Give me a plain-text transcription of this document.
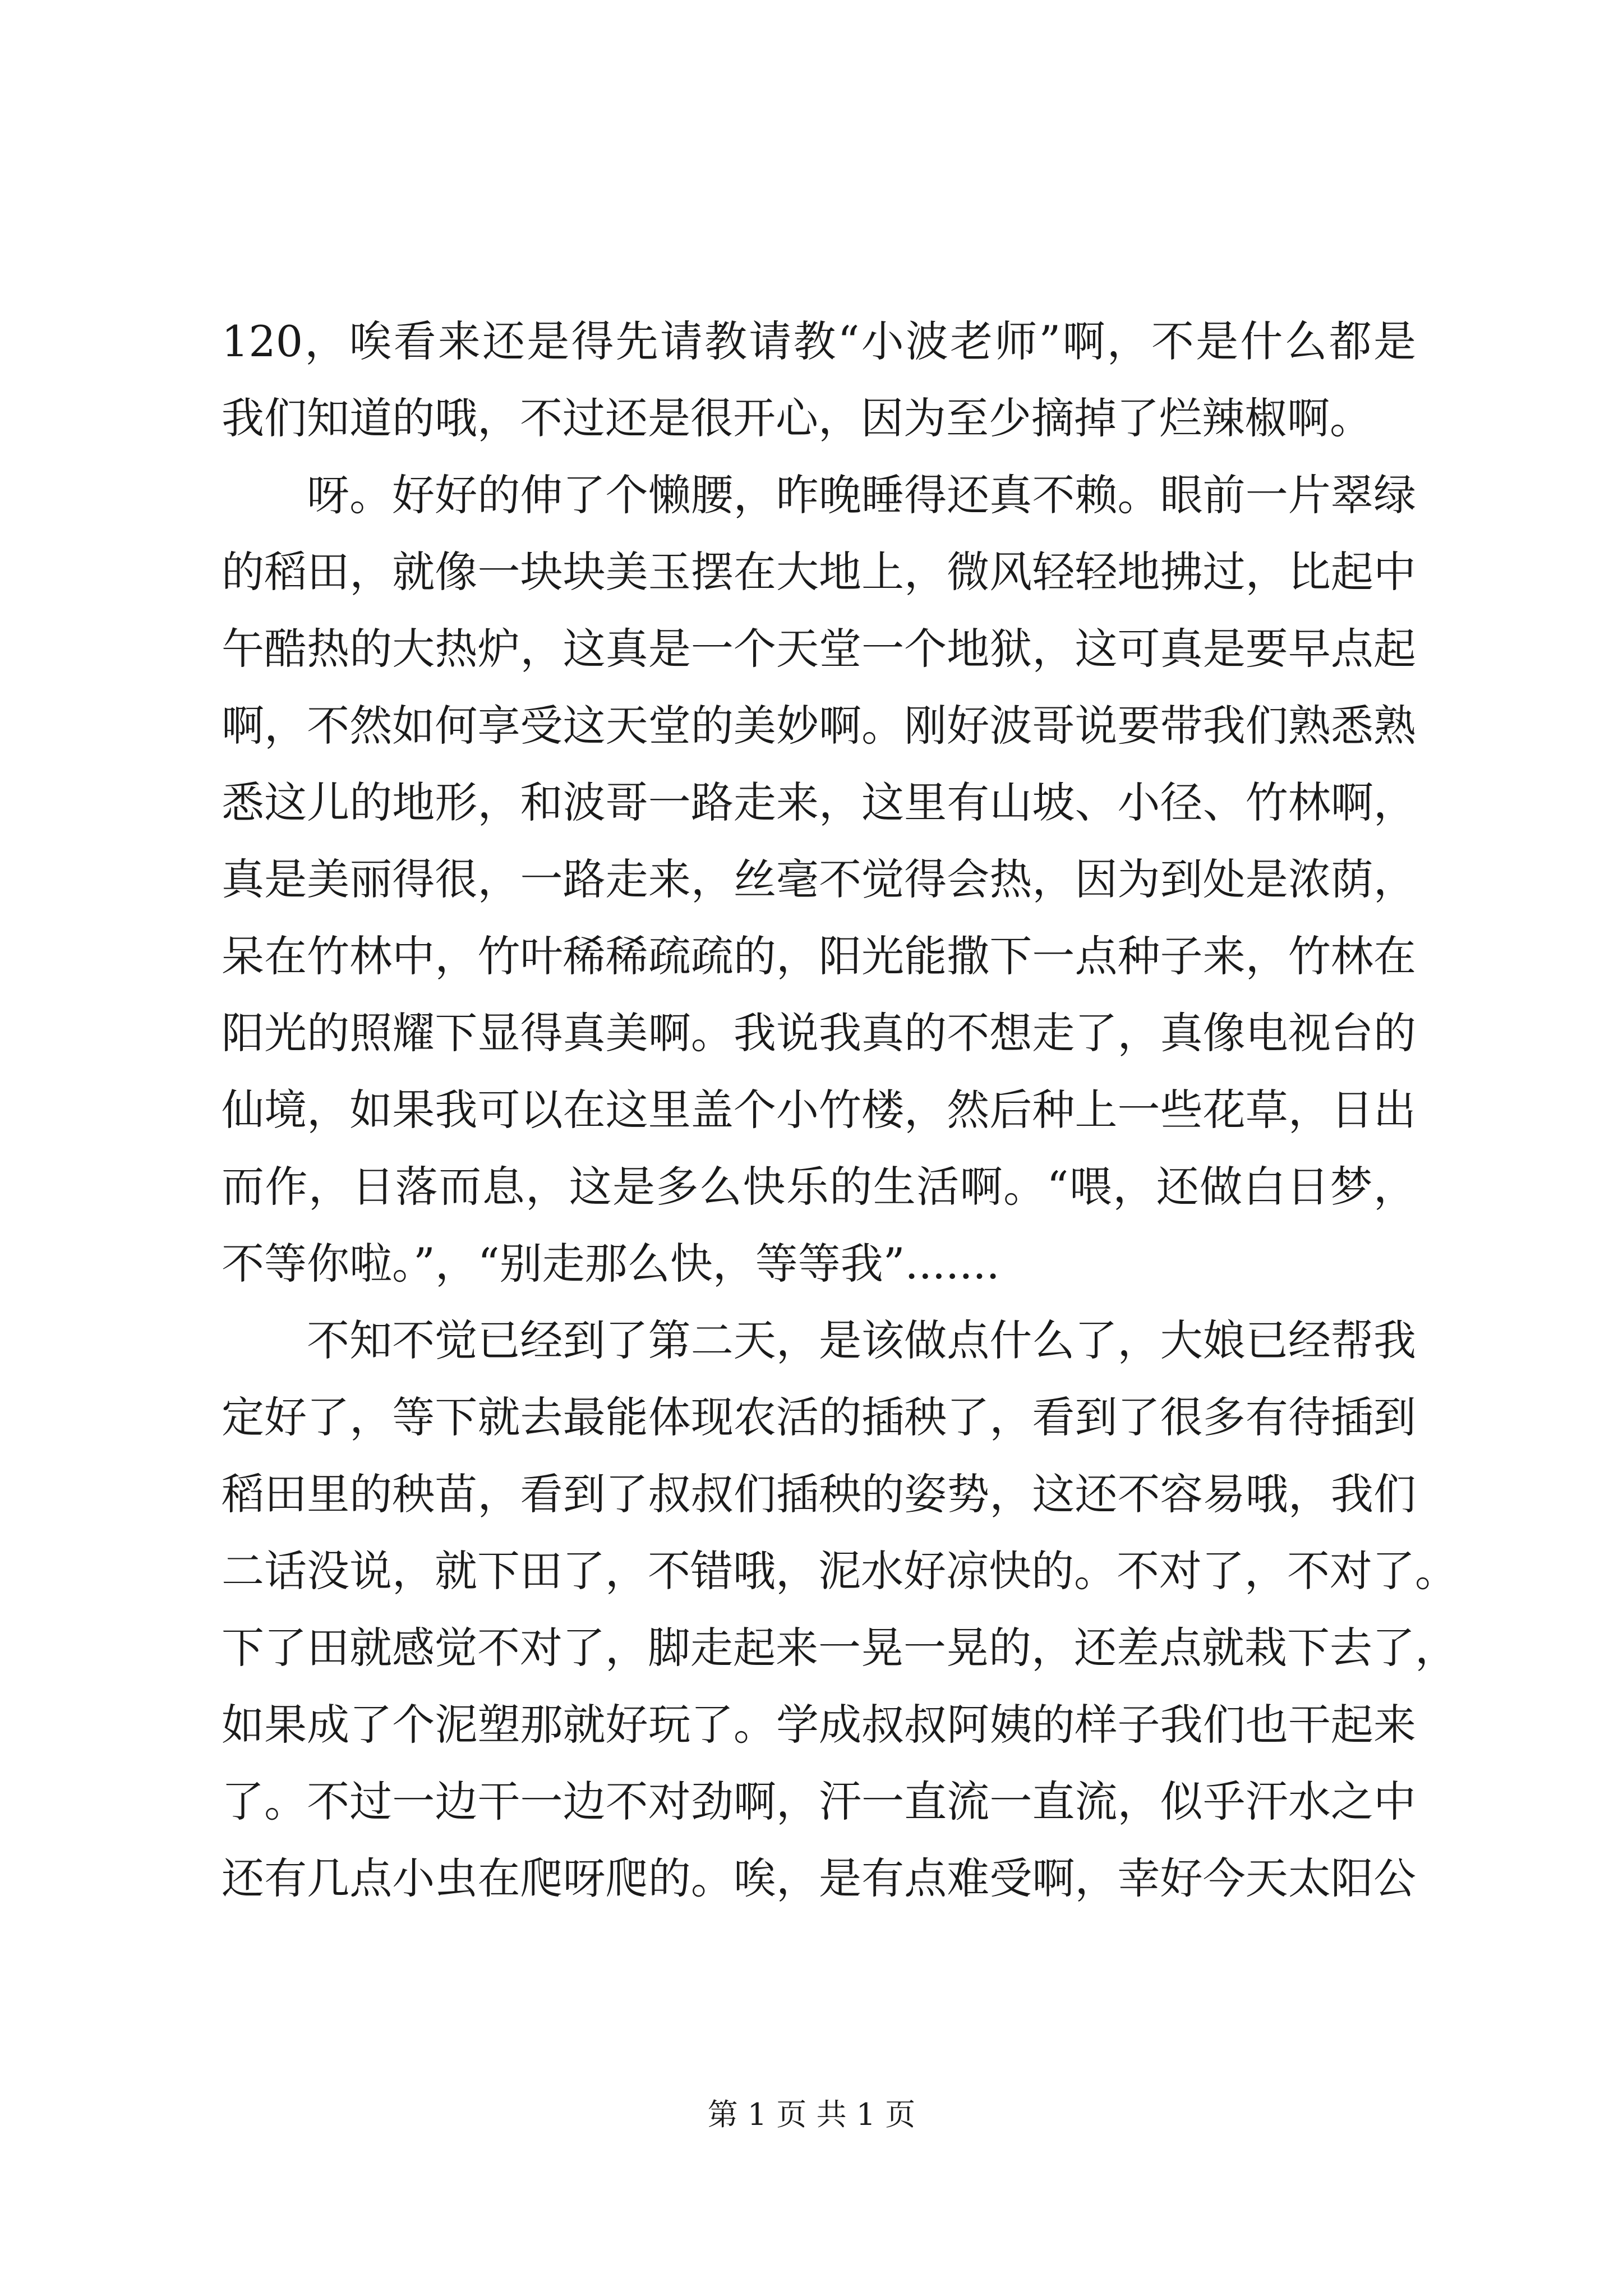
120，唉看来还是得先请教请教“小波老师”啊，不是什么都是
我们知道的哦，不过还是很开心，因为至少摘掉了烂辣椒啊。
呀。好好的伸了个懒腰，昨晚睡得还真不赖。眼前一片翠绿
的稻田，就像一块块美玉摆在大地上，微风轻轻地拂过，比起中
午酷热的大热炉，这真是一个天堂一个地狱，这可真是要早点起
啊，不然如何享受这天堂的美妙啊。刚好波哥说要带我们熟悉熟
悉这儿的地形，和波哥一路走来，这里有山坡、小径、竹林啊，
真是美丽得很，一路走来，丝毫不觉得会热，因为到处是浓荫，
呆在竹林中，竹叶稀稀疏疏的，阳光能撒下一点种子来，竹林在
阳光的照耀下显得真美啊。我说我真的不想走了，真像电视台的
仙境，如果我可以在这里盖个小竹楼，然后种上一些花草，日出
而作，日落而息，这是多么快乐的生活啊。“喂，还做白日梦，
不等你啦。”，“别走那么快，等等我”.......
不知不觉已经到了第二天，是该做点什么了，大娘已经帮我
定好了，等下就去最能体现农活的插秧了，看到了很多有待插到
稻田里的秧苗，看到了叔叔们插秧的姿势，这还不容易哦，我们
二话没说，就下田了，不错哦，泥水好凉快的。不对了，不对了。
下了田就感觉不对了，脚走起来一晃一晃的，还差点就栽下去了，
如果成了个泥塑那就好玩了。学成叔叔阿姨的样子我们也干起来
了。不过一边干一边不对劲啊，汗一直流一直流，似乎汗水之中
还有几点小虫在爬呀爬的。唉，是有点难受啊，幸好今天太阳公
第 1 页 共 1 页
